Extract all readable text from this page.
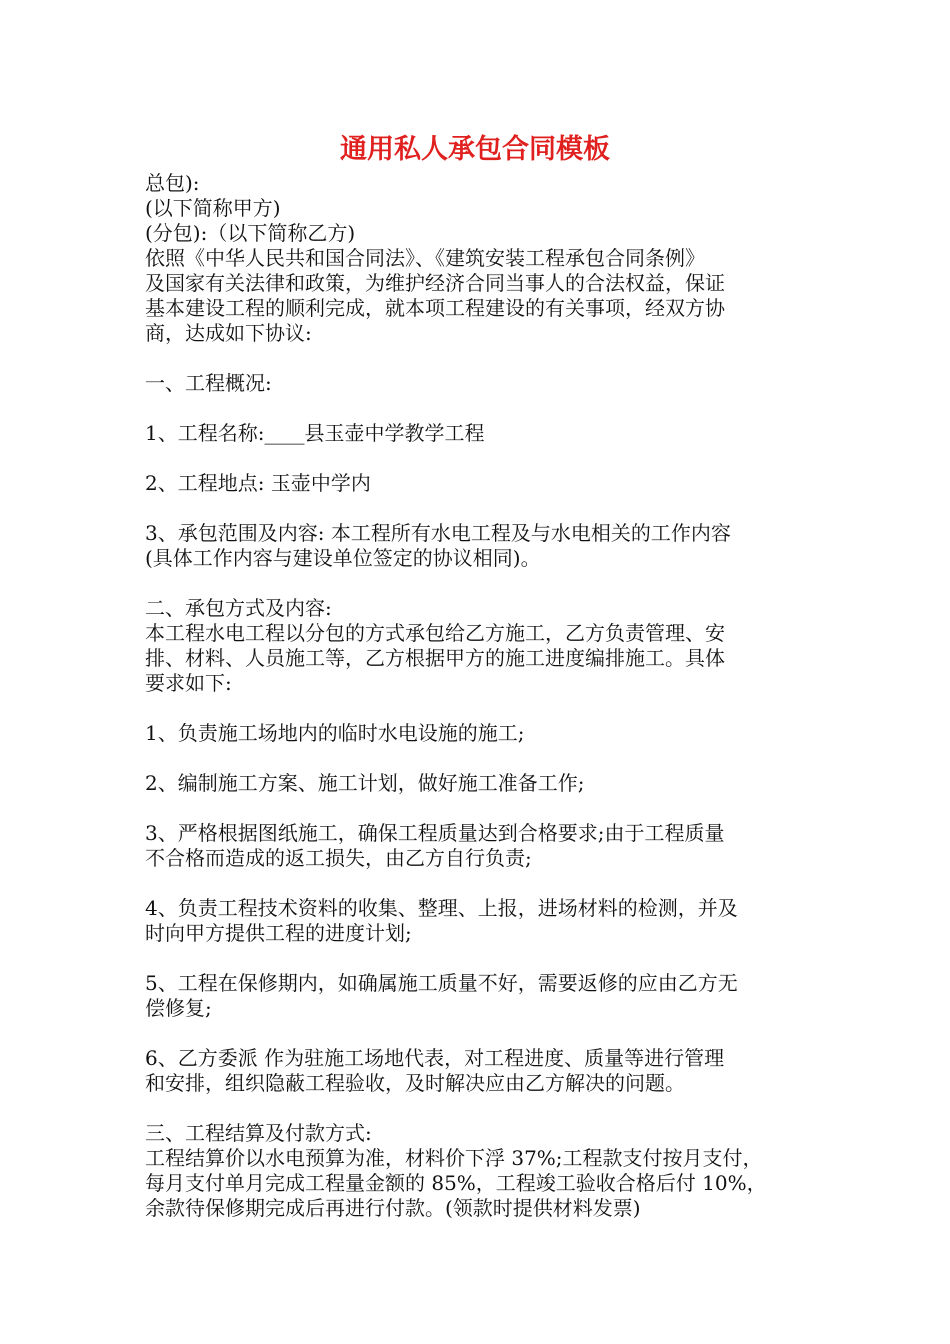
通用私人承包合同模板

总包):

(以下简称甲方)

(分包):（以下简称乙方)

依照《中华人民共和国合同法》、《建筑安装工程承包合同条例》

及国家有关法律和政策，为维护经济合同当事人的合法权益，保证

基本建设工程的顺利完成，就本项工程建设的有关事项，经双方协

商，达成如下协议:

一、工程概况:

1、工程名称:____县玉壶中学教学工程

2、工程地点: 玉壶中学内

3、承包范围及内容: 本工程所有水电工程及与水电相关的工作内容

(具体工作内容与建设单位签定的协议相同)。

二、承包方式及内容:

本工程水电工程以分包的方式承包给乙方施工，乙方负责管理、安

排、材料、人员施工等，乙方根据甲方的施工进度编排施工。具体

要求如下:

1、负责施工场地内的临时水电设施的施工;

2、编制施工方案、施工计划，做好施工准备工作;

3、严格根据图纸施工，确保工程质量达到合格要求;由于工程质量

不合格而造成的返工损失，由乙方自行负责;

4、负责工程技术资料的收集、整理、上报，进场材料的检测，并及

时向甲方提供工程的进度计划;

5、工程在保修期内，如确属施工质量不好，需要返修的应由乙方无

偿修复;

6、乙方委派 作为驻施工场地代表，对工程进度、质量等进行管理

和安排，组织隐蔽工程验收，及时解决应由乙方解决的问题。

三、工程结算及付款方式:

工程结算价以水电预算为准，材料价下浮 37%;工程款支付按月支付，

每月支付单月完成工程量金额的 85%，工程竣工验收合格后付 10%，

余款待保修期完成后再进行付款。(领款时提供材料发票)
